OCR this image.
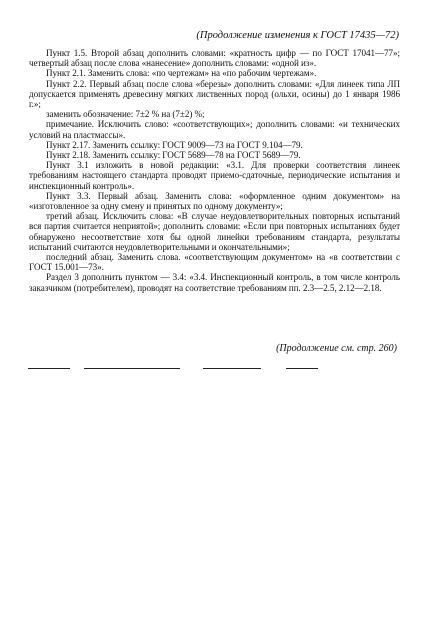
(Продолжение изменения к ГОСТ 17435—72)

Пункт 1.5. Второй абзац дополнить словами: «кратность цифр — по ГОСТ 17041—77»; четвертый абзац после слова «нанесение» дополнить словами: «одной из».

Пункт 2.1. Заменить слова: «по чертежам» на «по рабочим чертежам».

Пункт 2.2. Первый абзац после слова «березы» дополнить словами: «Для линеек типа ЛП допускается применять древесину мягких лиственных пород (ольхи, осины) до 1 января 1986 г.»;

заменить обозначение: 7±2 % на (7±2) %;

примечание. Исключить слово: «соответствующих»; дополнить словами: «и технических условий на пластмассы».

Пункт 2.17. Заменить ссылку: ГОСТ 9009—73 на ГОСТ 9.104—79.

Пункт 2.18. Заменить ссылку: ГОСТ 5689—78 на ГОСТ 5689—79.

Пункт 3.1 изложить в новой редакции: «3.1. Для проверки соответствия линеек требованиям настоящего стандарта проводят приемо-сдаточные, периодические испытания и инспекционный контроль».

Пункт 3.3. Первый абзац. Заменить слова: «оформленное одним документом» на «изготовленное за одну смену и принятых по одному документу»;

третий абзац. Исключить слова: «В случае неудовлетворительных повторных испытаний вся партия считается неприятой»; дополнить словами: «Если при повторных испытаниях будет обнаружено несоответствие хотя бы одной линейки требованиям стандарта, результаты испытаний считаются неудовлетворительными и окончательными»;

последний абзац. Заменить слова. «соответствующим документом» на «в соответствии с ГОСТ 15.001—73».

Раздел 3 дополнить пунктом — 3.4: «3.4. Инспекционный контроль, в том числе контроль заказчиком (потребителем), проводят на соответствие требованиям пп. 2.3—2.5, 2.12—2.18.

(Продолжение см. стр. 260)
